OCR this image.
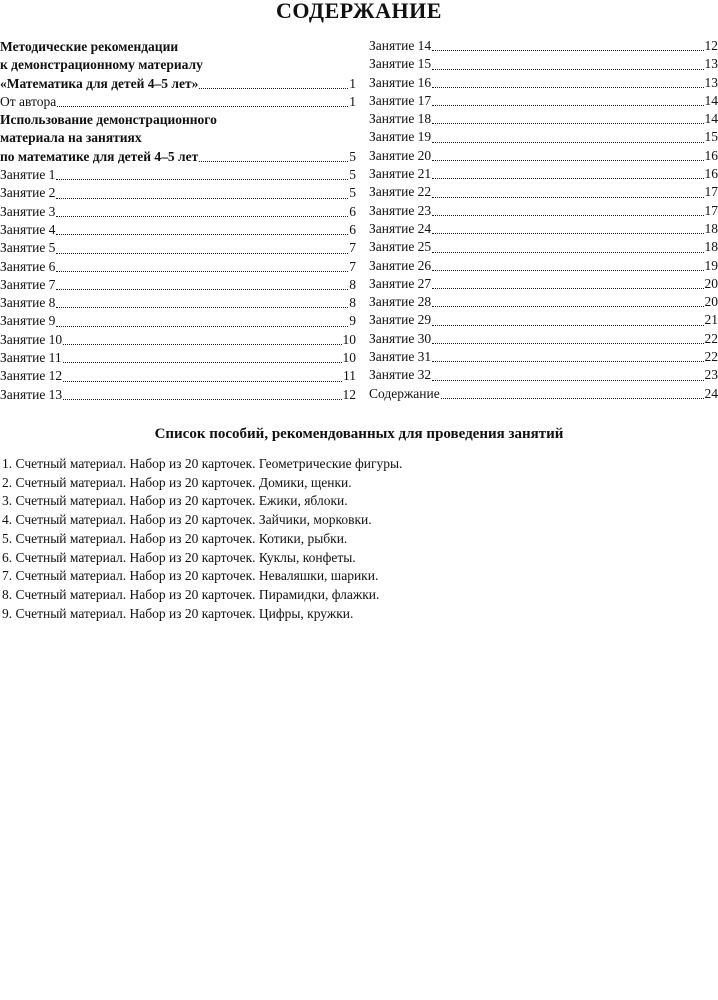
СОДЕРЖАНИЕ
Методические рекомендации
к демонстрационному материалу
«Математика для детей 4–5 лет»	1
От автора	1
Использование демонстрационного
материала на занятиях
по математике для детей 4–5 лет	5
Занятие 1	5
Занятие 2	5
Занятие 3	6
Занятие 4	6
Занятие 5	7
Занятие 6	7
Занятие 7	8
Занятие 8	8
Занятие 9	9
Занятие 10	10
Занятие 11	10
Занятие 12	11
Занятие 13	12
Занятие 14	12
Занятие 15	13
Занятие 16	13
Занятие 17	14
Занятие 18	14
Занятие 19	15
Занятие 20	16
Занятие 21	16
Занятие 22	17
Занятие 23	17
Занятие 24	18
Занятие 25	18
Занятие 26	19
Занятие 27	20
Занятие 28	20
Занятие 29	21
Занятие 30	22
Занятие 31	22
Занятие 32	23
Содержание	24
Список пособий, рекомендованных для проведения занятий
1. Счетный материал. Набор из 20 карточек. Геометрические фигуры.
2. Счетный материал. Набор из 20 карточек. Домики, щенки.
3. Счетный материал. Набор из 20 карточек. Ежики, яблоки.
4. Счетный материал. Набор из 20 карточек. Зайчики, морковки.
5. Счетный материал. Набор из 20 карточек. Котики, рыбки.
6. Счетный материал. Набор из 20 карточек. Куклы, конфеты.
7. Счетный материал. Набор из 20 карточек. Неваляшки, шарики.
8. Счетный материал. Набор из 20 карточек. Пирамидки, флажки.
9. Счетный материал. Набор из 20 карточек. Цифры, кружки.
